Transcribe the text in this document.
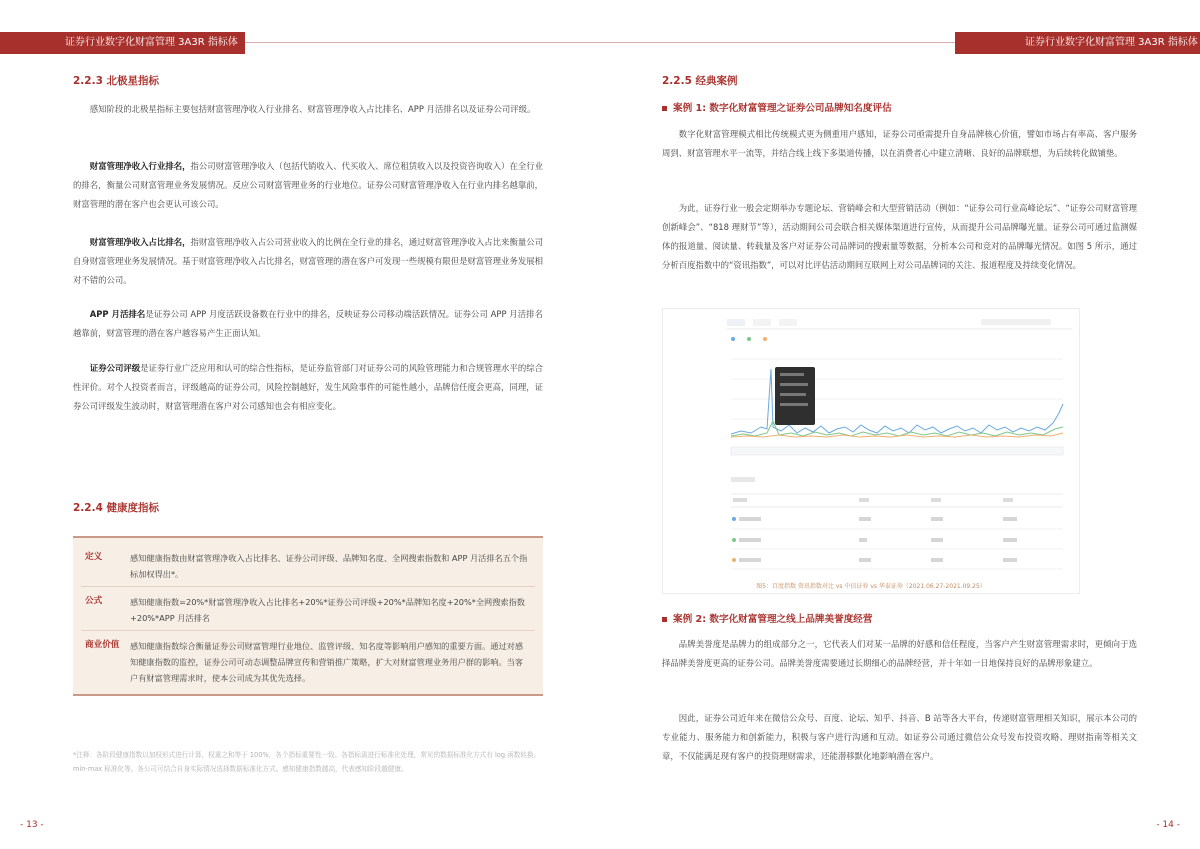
证券行业数字化财富管理 3A3R 指标体系白皮书
2.2.3 北极星指标
感知阶段的北极星指标主要包括财富管理净收入行业排名、财富管理净收入占比排名、APP 月活排名以及证券公司评级。
财富管理净收入行业排名，指公司财富管理净收入（包括代销收入、代买收入、席位租赁收入以及投资咨询收入）在全行业的排名，衡量公司财富管理业务发展情况。反应公司财富管理业务的行业地位。证券公司财富管理净收入在行业内排名越靠前，财富管理的潜在客户也会更认可该公司。
财富管理净收入占比排名，指财富管理净收入占公司营业收入的比例在全行业的排名，通过财富管理净收入占比来衡量公司自身财富管理业务发展情况。基于财富管理净收入占比排名，财富管理的潜在客户可发现一些规模有限但是财富管理业务发展相对不错的公司。
APP 月活排名是证券公司 APP 月度活跃设备数在行业中的排名，反映证券公司移动端活跃情况。证券公司 APP 月活排名越靠前，财富管理的潜在客户越容易产生正面认知。
证券公司评级是证券行业广泛应用和认可的综合性指标，是证券监管部门对证券公司的风险管理能力和合规管理水平的综合性评价。对个人投资者而言，评级越高的证券公司，风险控制越好，发生风险事件的可能性越小，品牌信任度会更高，同理，证券公司评级发生波动时，财富管理潜在客户对公司感知也会有相应变化。
2.2.4 健康度指标
定义	感知健康指数由财富管理净收入占比排名、证券公司评级、品牌知名度、全网搜索指数和 APP 月活排名五个指标加权得出*。
公式	感知健康指数=20%*财富管理净收入占比排名+20%*证券公司评级+20%*品牌知名度+20%*全网搜索指数+20%*APP 月活排名
商业价值 感知健康指数综合衡量证券公司财富管理行业地位、监管评级、知名度等影响用户感知的重要方面。通过对感知健康指数的监控，证券公司可动态调整品牌宣传和营销推广策略，扩大对财富管理业务用户群的影响。当客户有财富管理需求时，使本公司成为其优先选择。
*注释：各阶段健康指数以加权形式进行计算，权重之和等于 100%，各个指标重要性一致。各指标需进行标准化处理，常见的数据标准化方式有 log 函数转换、min-max 标准化等。各公司可结合自身实际情况选择数据标准化方式。感知健康指数越高，代表感知阶段越健康。
- 13 -
证券行业数字化财富管理 3A3R 指标体系白皮书
2.2.5 经典案例
案例 1: 数字化财富管理之证券公司品牌知名度评估
数字化财富管理模式相比传统模式更为侧重用户感知，证券公司亟需提升自身品牌核心价值，譬如市场占有率高、客户服务周到、财富管理水平一流等，并结合线上线下多渠道传播，以在消费者心中建立清晰、良好的品牌联想，为后续转化做铺垫。
为此，证券行业一般会定期举办专题论坛、营销峰会和大型营销活动（例如：“证券公司行业高峰论坛”、“证券公司财富管理创新峰会”、“818 理财节”等），活动期间公司会联合相关媒体渠道进行宣传，从而提升公司品牌曝光量。证券公司可通过监测媒体的报道量、阅读量、转载量及客户对证券公司品牌词的搜索量等数据，分析本公司和竞对的品牌曝光情况。如图 5 所示，通过分析百度指数中的“资讯指数”，可以对比评估活动期间互联网上对公司品牌词的关注、报道程度及持续变化情况。
案例 2: 数字化财富管理之线上品牌美誉度经营
品牌美誉度是品牌力的组成部分之一，它代表人们对某一品牌的好感和信任程度，当客户产生财富管理需求时，更倾向于选择品牌美誉度更高的证券公司。品牌美誉度需要通过长期细心的品牌经营，并十年如一日地保持良好的品牌形象建立。
因此，证券公司近年来在微信公众号、百度、论坛、知乎、抖音、B 站等各大平台，传递财富管理相关知识，展示本公司的专业能力、服务能力和创新能力，积极与客户进行沟通和互动。如证券公司通过微信公众号发布投资攻略、理财指南等相关文章，不仅能满足现有客户的投资理财需求，还能潜移默化地影响潜在客户。
- 14 -
图5：百度指数 资讯指数对比 vs 中信证券 vs 华泰证券（2021.06.27-2021.09.25）
